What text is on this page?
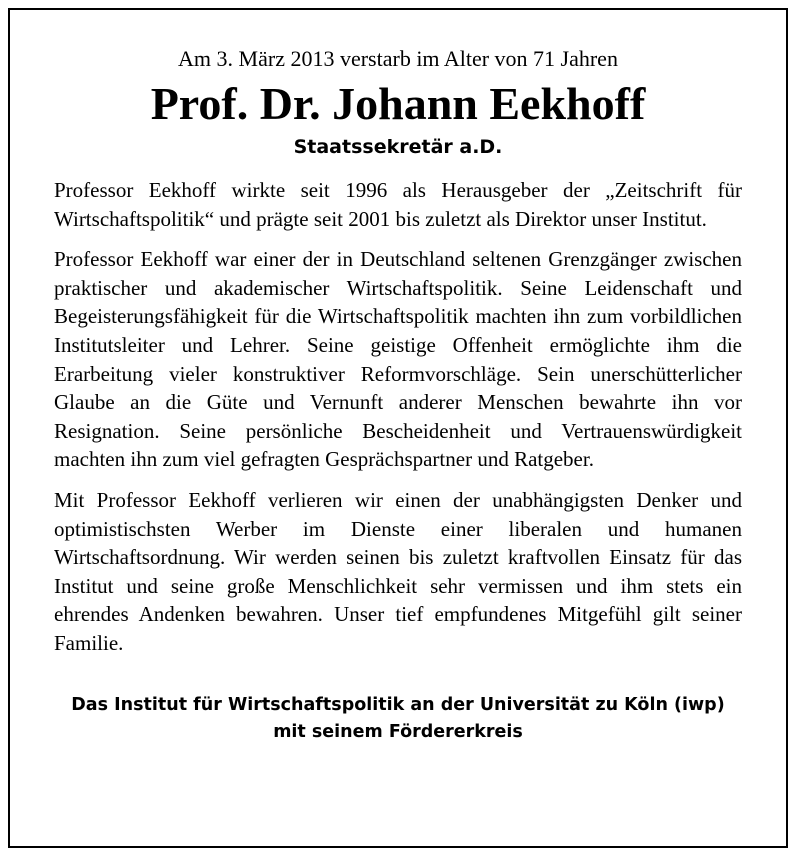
Am 3. März 2013 verstarb im Alter von 71 Jahren

Prof. Dr. Johann Eekhoff

Staatssekretär a.D.

Professor Eekhoff wirkte seit 1996 als Herausgeber der „Zeitschrift für Wirtschaftspolitik“ und prägte seit 2001 bis zuletzt als Direktor unser Institut.

Professor Eekhoff war einer der in Deutschland seltenen Grenzgänger zwischen praktischer und akademischer Wirtschaftspolitik. Seine Leidenschaft und Begeisterungsfähigkeit für die Wirtschaftspolitik machten ihn zum vorbildlichen Institutsleiter und Lehrer. Seine geistige Offenheit ermöglichte ihm die Erarbeitung vieler konstruktiver Reformvorschläge. Sein unerschütterlicher Glaube an die Güte und Vernunft anderer Menschen bewahrte ihn vor Resignation. Seine persönliche Bescheidenheit und Vertrauenswürdigkeit machten ihn zum viel gefragten Gesprächspartner und Ratgeber.

Mit Professor Eekhoff verlieren wir einen der unabhängigsten Denker und optimistischsten Werber im Dienste einer liberalen und humanen Wirtschaftsordnung. Wir werden seinen bis zuletzt kraftvollen Einsatz für das Institut und seine große Menschlichkeit sehr vermissen und ihm stets ein ehrendes Andenken bewahren. Unser tief empfundenes Mitgefühl gilt seiner Familie.

Das Institut für Wirtschaftspolitik an der Universität zu Köln (iwp)
mit seinem Fördererkreis
